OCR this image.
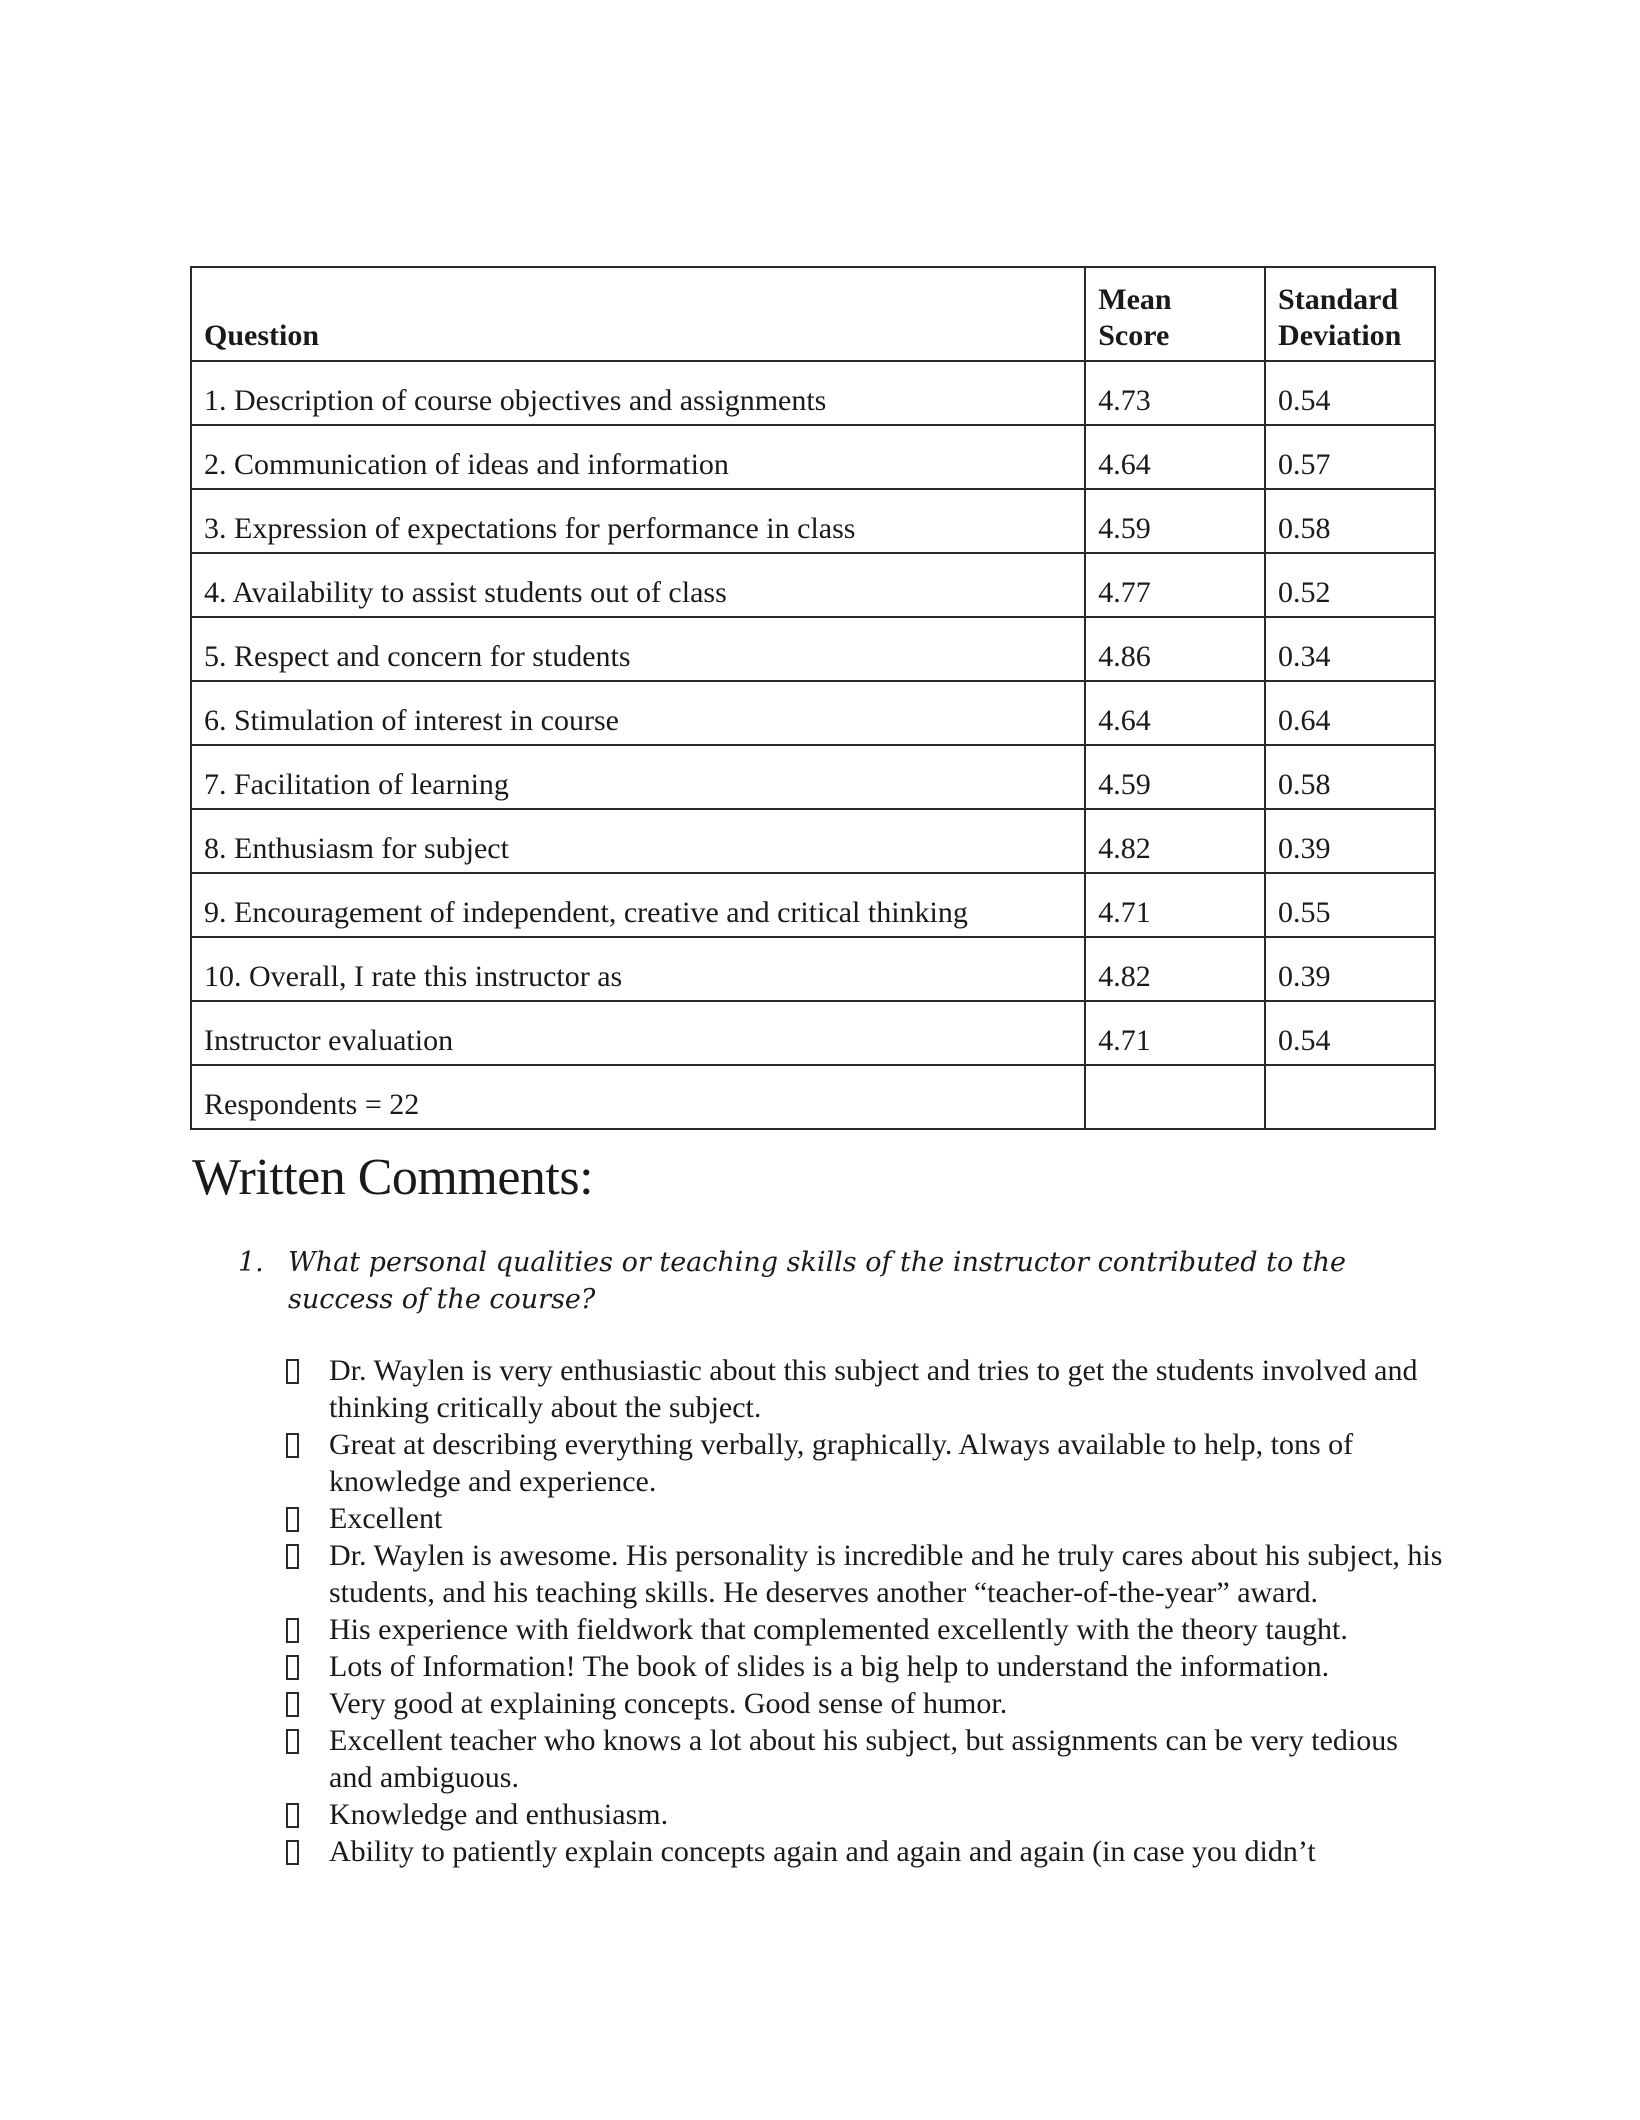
Question	Mean Score	Standard Deviation

1. Description of course objectives and assignments	4.73	0.54
2. Communication of ideas and information	4.64	0.57
3. Expression of expectations for performance in class	4.59	0.58
4. Availability to assist students out of class	4.77	0.52
5. Respect and concern for students	4.86	0.34
6. Stimulation of interest in course	4.64	0.64
7. Facilitation of learning	4.59	0.58
8. Enthusiasm for subject	4.82	0.39
9. Encouragement of independent, creative and critical thinking	4.71	0.55
10. Overall, I rate this instructor as	4.82	0.39
Instructor evaluation	4.71	0.54
Respondents = 22		
Written Comments:
1. What personal qualities or teaching skills of the instructor contributed to the success of the course?
Dr. Waylen is very enthusiastic about this subject and tries to get the students involved and thinking critically about the subject.
Great at describing everything verbally, graphically. Always available to help, tons of knowledge and experience.
Excellent
Dr. Waylen is awesome. His personality is incredible and he truly cares about his subject, his students, and his teaching skills. He deserves another “teacher-of-the-year” award.
His experience with fieldwork that complemented excellently with the theory taught.
Lots of Information! The book of slides is a big help to understand the information.
Very good at explaining concepts. Good sense of humor.
Excellent teacher who knows a lot about his subject, but assignments can be very tedious and ambiguous.
Knowledge and enthusiasm.
Ability to patiently explain concepts again and again and again (in case you didn’t
